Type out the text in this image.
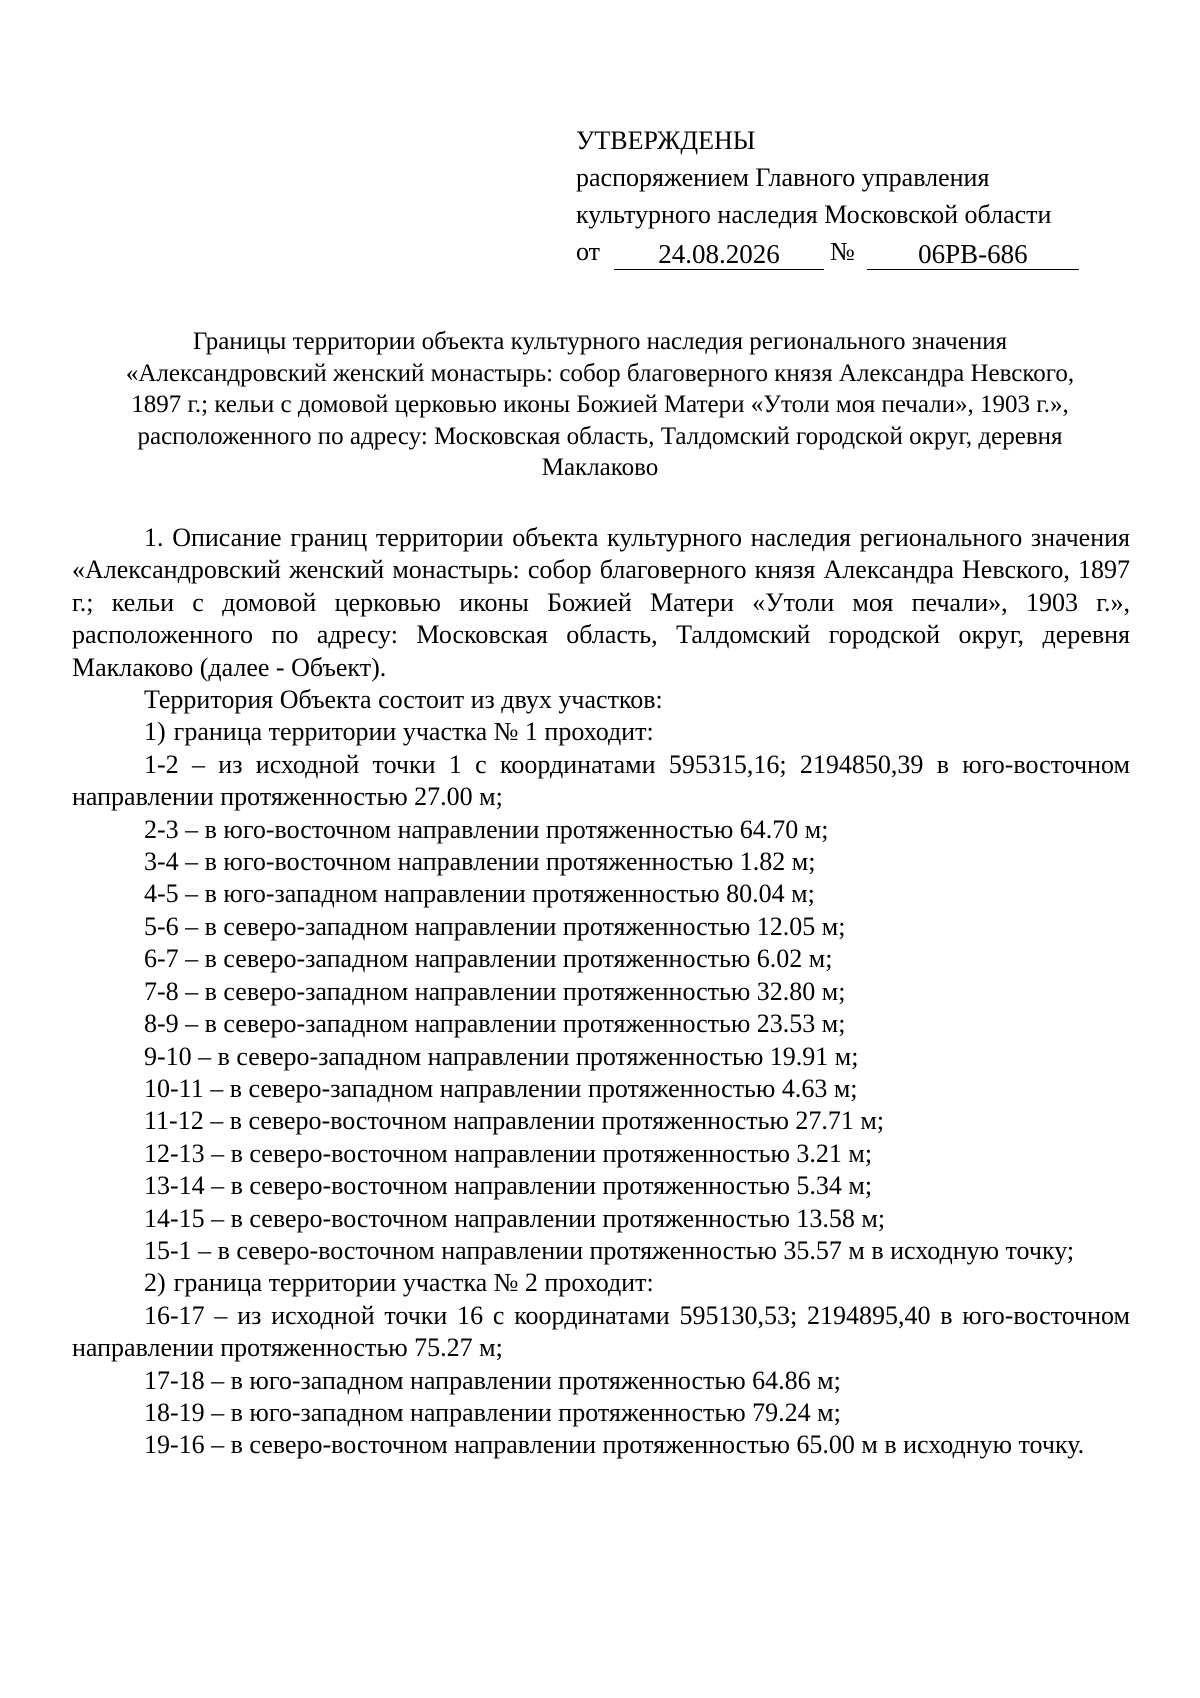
УТВЕРЖДЕНЫ
распоряжением Главного управления
культурного наследия Московской области
от	24.08.2026	№	06РВ-686
Границы территории объекта культурного наследия регионального значения «Александровский женский монастырь: собор благоверного князя Александра Невского, 1897 г.; кельи с домовой церковью иконы Божией Матери «Утоли моя печали», 1903 г.», расположенного по адресу: Московская область, Талдомский городской округ, деревня Маклаково

1. Описание границ территории объекта культурного наследия регионального значения «Александровский женский монастырь: собор благоверного князя Александра Невского, 1897 г.; кельи с домовой церковью иконы Божией Матери «Утоли моя печали», 1903 г.», расположенного по адресу: Московская область, Талдомский городской округ, деревня Маклаково (далее - Объект).

Территория Объекта состоит из двух участков:

1) граница территории участка № 1 проходит:

1-2 – из исходной точки 1 с координатами 595315,16; 2194850,39 в юго-восточном направлении протяженностью 27.00 м;

2-3 – в юго-восточном направлении протяженностью 64.70 м;

3-4 – в юго-восточном направлении протяженностью 1.82 м;

4-5 – в юго-западном направлении протяженностью 80.04 м;

5-6 – в северо-западном направлении протяженностью 12.05 м;

6-7 – в северо-западном направлении протяженностью 6.02 м;

7-8 – в северо-западном направлении протяженностью 32.80 м;

8-9 – в северо-западном направлении протяженностью 23.53 м;

9-10 – в северо-западном направлении протяженностью 19.91 м;

10-11 – в северо-западном направлении протяженностью 4.63 м;

11-12 – в северо-восточном направлении протяженностью 27.71 м;

12-13 – в северо-восточном направлении протяженностью 3.21 м;

13-14 – в северо-восточном направлении протяженностью 5.34 м;

14-15 – в северо-восточном направлении протяженностью 13.58 м;

15-1 – в северо-восточном направлении протяженностью 35.57 м в исходную точку;

2) граница территории участка № 2 проходит:

16-17 – из исходной точки 16 с координатами 595130,53; 2194895,40 в юго-восточном направлении протяженностью 75.27 м;

17-18 – в юго-западном направлении протяженностью 64.86 м;

18-19 – в юго-западном направлении протяженностью 79.24 м;

19-16 – в северо-восточном направлении протяженностью 65.00 м в исходную точку.
